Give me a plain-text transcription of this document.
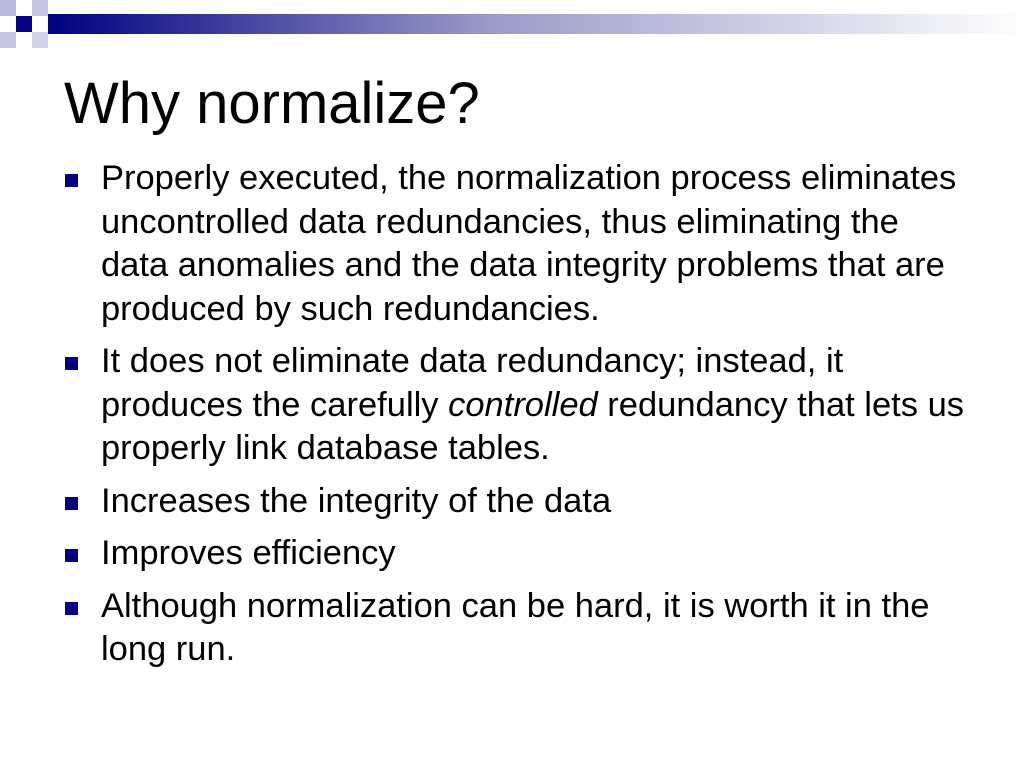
Why normalize?
Properly executed, the normalization process eliminates uncontrolled data redundancies, thus eliminating the data anomalies and the data integrity problems that are produced by such redundancies.
It does not eliminate data redundancy; instead, it produces the carefully controlled redundancy that lets us properly link database tables.
Increases the integrity of the data
Improves efficiency
Although normalization can be hard, it is worth it in the long run.
